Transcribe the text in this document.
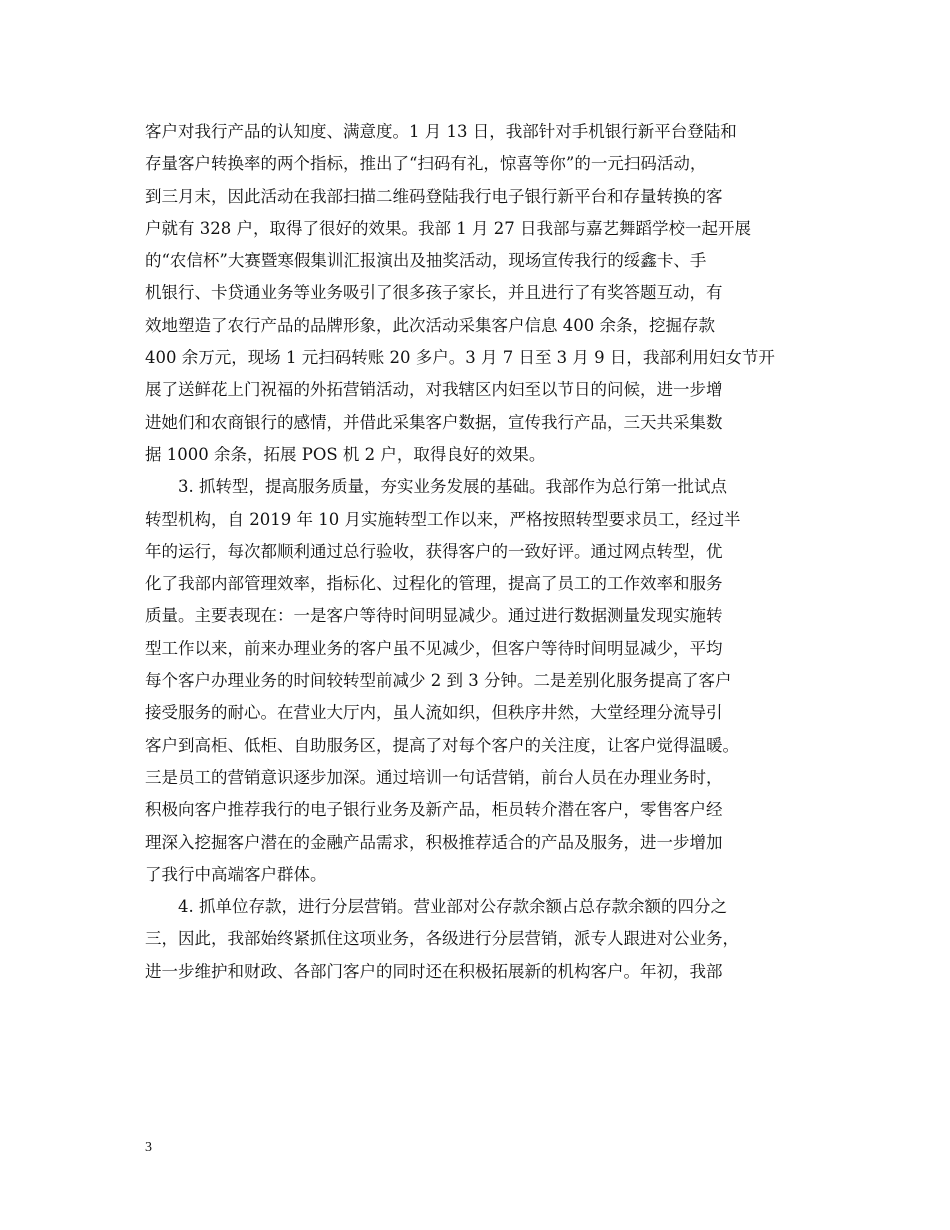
客户对我行产品的认知度、满意度。1 月 13 日，我部针对手机银行新平台登陆和
存量客户转换率的两个指标，推出了“扫码有礼，惊喜等你”的一元扫码活动，
到三月末，因此活动在我部扫描二维码登陆我行电子银行新平台和存量转换的客
户就有 328 户，取得了很好的效果。我部 1 月 27 日我部与嘉艺舞蹈学校一起开展
的“农信杯”大赛暨寒假集训汇报演出及抽奖活动，现场宣传我行的绥鑫卡、手
机银行、卡贷通业务等业务吸引了很多孩子家长，并且进行了有奖答题互动，有
效地塑造了农行产品的品牌形象，此次活动采集客户信息 400 余条，挖掘存款
400 余万元，现场 1 元扫码转账 20 多户。3 月 7 日至 3 月 9 日，我部利用妇女节开
展了送鲜花上门祝福的外拓营销活动，对我辖区内妇至以节日的问候，进一步增
进她们和农商银行的感情，并借此采集客户数据，宣传我行产品，三天共采集数
据 1000 余条，拓展 POS 机 2 户，取得良好的效果。
　　3. 抓转型，提高服务质量，夯实业务发展的基础。我部作为总行第一批试点
转型机构，自 2019 年 10 月实施转型工作以来，严格按照转型要求员工，经过半
年的运行，每次都顺利通过总行验收，获得客户的一致好评。通过网点转型，优
化了我部内部管理效率，指标化、过程化的管理，提高了员工的工作效率和服务
质量。主要表现在：一是客户等待时间明显减少。通过进行数据测量发现实施转
型工作以来，前来办理业务的客户虽不见减少，但客户等待时间明显减少，平均
每个客户办理业务的时间较转型前减少 2 到 3 分钟。二是差别化服务提高了客户
接受服务的耐心。在营业大厅内，虽人流如织，但秩序井然，大堂经理分流导引
客户到高柜、低柜、自助服务区，提高了对每个客户的关注度，让客户觉得温暖。
三是员工的营销意识逐步加深。通过培训一句话营销，前台人员在办理业务时，
积极向客户推荐我行的电子银行业务及新产品，柜员转介潜在客户，零售客户经
理深入挖掘客户潜在的金融产品需求，积极推荐适合的产品及服务，进一步增加
了我行中高端客户群体。
　　4. 抓单位存款，进行分层营销。营业部对公存款余额占总存款余额的四分之
三，因此，我部始终紧抓住这项业务，各级进行分层营销，派专人跟进对公业务，
进一步维护和财政、各部门客户的同时还在积极拓展新的机构客户。年初，我部
3
